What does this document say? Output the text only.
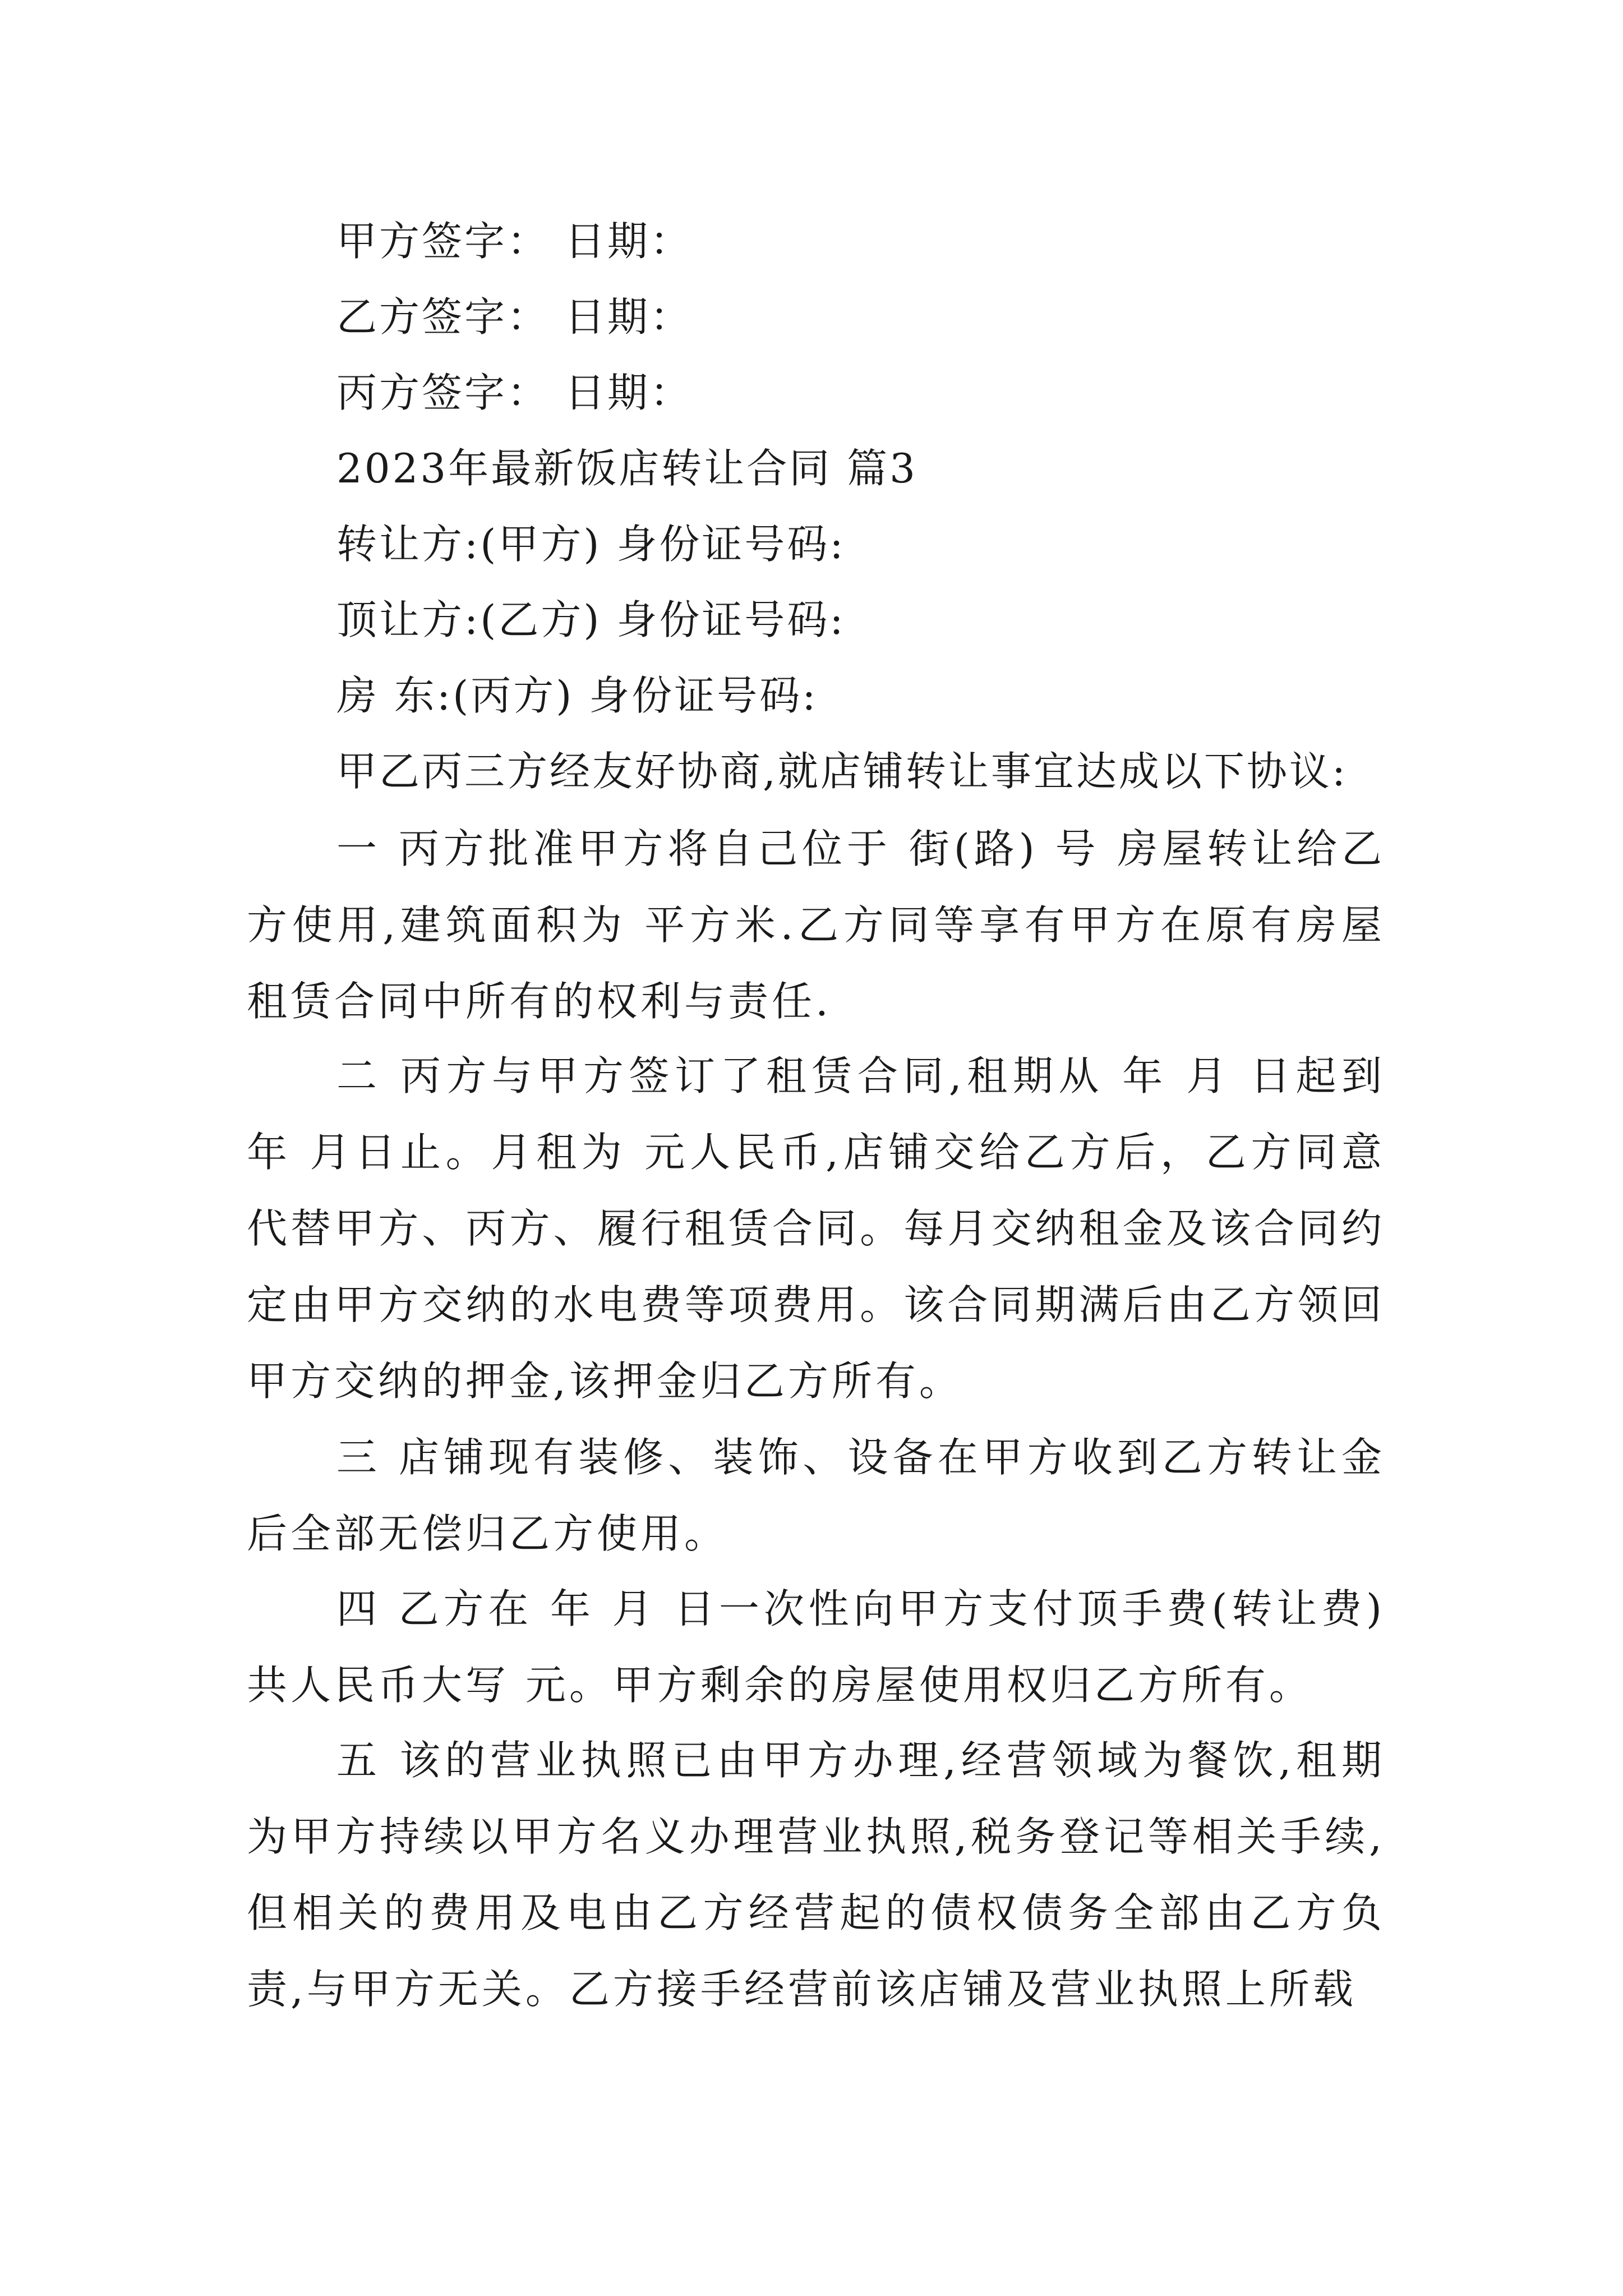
甲方签字： 日期：
乙方签字： 日期：
丙方签字： 日期：
2023年最新饭店转让合同 篇3
转让方:(甲方) 身份证号码:
顶让方:(乙方) 身份证号码:
房 东:(丙方) 身份证号码:
甲乙丙三方经友好协商,就店铺转让事宜达成以下协议:

一 丙方批准甲方将自己位于 街(路) 号 房屋转让给乙方使用,建筑面积为 平方米.乙方同等享有甲方在原有房屋租赁合同中所有的权利与责任.

二 丙方与甲方签订了租赁合同,租期从 年 月 日起到 年 月日止。月租为 元人民币,店铺交给乙方后，乙方同意代替甲方、丙方、履行租赁合同。每月交纳租金及该合同约定由甲方交纳的水电费等项费用。该合同期满后由乙方领回甲方交纳的押金,该押金归乙方所有。

三 店铺现有装修、装饰、设备在甲方收到乙方转让金后全部无偿归乙方使用。

四 乙方在 年 月 日一次性向甲方支付顶手费(转让费)共人民币大写 元。甲方剩余的房屋使用权归乙方所有。

五 该的营业执照已由甲方办理,经营领域为餐饮,租期为甲方持续以甲方名义办理营业执照,税务登记等相关手续,但相关的费用及电由乙方经营起的债权债务全部由乙方负责,与甲方无关。乙方接手经营前该店铺及营业执照上所载
